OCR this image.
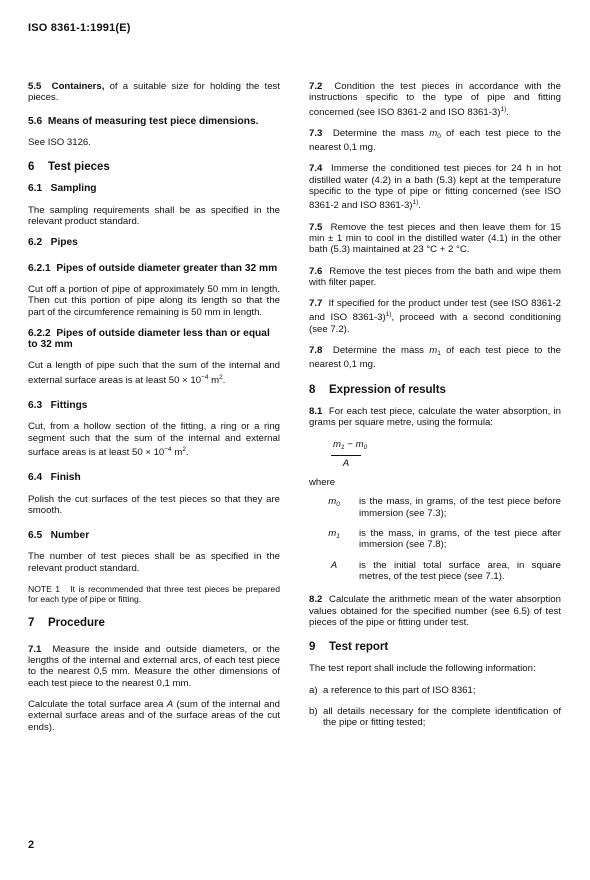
ISO 8361-1:1991(E)

5.5 Containers, of a suitable size for holding the test pieces.

5.6 Means of measuring test piece dimensions.

See ISO 3126.

6 Test pieces
6.1 Sampling

The sampling requirements shall be as specified in the relevant product standard.

6.2 Pipes
6.2.1 Pipes of outside diameter greater than 32 mm

Cut off a portion of pipe of approximately 50 mm in length. Then cut this portion of pipe along its length so that the part of the circumference remaining is 50 mm in length.

6.2.2 Pipes of outside diameter less than or equal to 32 mm

Cut a length of pipe such that the sum of the internal and external surface areas is at least $50 \times 10^{-4}$ $m^2$.

6.3 Fittings

Cut, from a hollow section of the fitting, a ring or a ring segment such that the sum of the internal and external surface areas is at least $50 \times 10^{-4}$ $m^2$.

6.4 Finish

Polish the cut surfaces of the test pieces so that they are smooth.

6.5 Number

The number of test pieces shall be as specified in the relevant product standard.

NOTE 1 It is recommended that three test pieces be prepared for each type of pipe or fitting.

7 Procedure

7.1 Measure the inside and outside diameters, or the lengths of the internal and external arcs, of each test piece to the nearest 0,5 mm. Measure the other dimensions of each test piece to the nearest 0,1 mm.

Calculate the total surface area A (sum of the internal and external surface areas and of the surface areas of the cut ends).

7.2 Condition the test pieces in accordance with the instructions specific to the type of pipe and fitting concerned (see ISO 8361-2 and ISO 8361-3)$^{1)}$.

7.3 Determine the mass $m_0$ of each test piece to the nearest 0,1 mg.

7.4 Immerse the conditioned test pieces for 24 h in hot distilled water (4.2) in a bath (5.3) kept at the temperature specific to the type of pipe or fitting concerned (see ISO 8361-2 and ISO 8361-3)$^{1)}$.

7.5 Remove the test pieces and then leave them for 15 min ± 1 min to cool in the distilled water (4.1) in the other bath (5.3) maintained at 23 °C + 2 °C.

7.6 Remove the test pieces from the bath and wipe them with filter paper.

7.7 If specified for the product under test (see ISO 8361-2 and ISO 8361-3)$^{1)}$, proceed with a second conditioning (see 7.2).

7.8 Determine the mass $m_1$ of each test piece to the nearest 0,1 mg.

8 Expression of results

8.1 For each test piece, calculate the water absorption, in grams per square metre, using the formula:

$m_1 - m_0$
A
where
$m_0$	is the mass, in grams, of the test piece before immersion (see 7.3);
$m_1$	is the mass, in grams, of the test piece after immersion (see 7.8);
A	is the initial total surface area, in square metres, of the test piece (see 7.1).

8.2 Calculate the arithmetic mean of the water absorption values obtained for the specified number (see 6.5) of test pieces of the pipe or fitting under test.

9 Test report

The test report shall include the following information:

a) a reference to this part of ISO 8361;
b) all details necessary for the complete identification of the pipe or fitting tested;
2
